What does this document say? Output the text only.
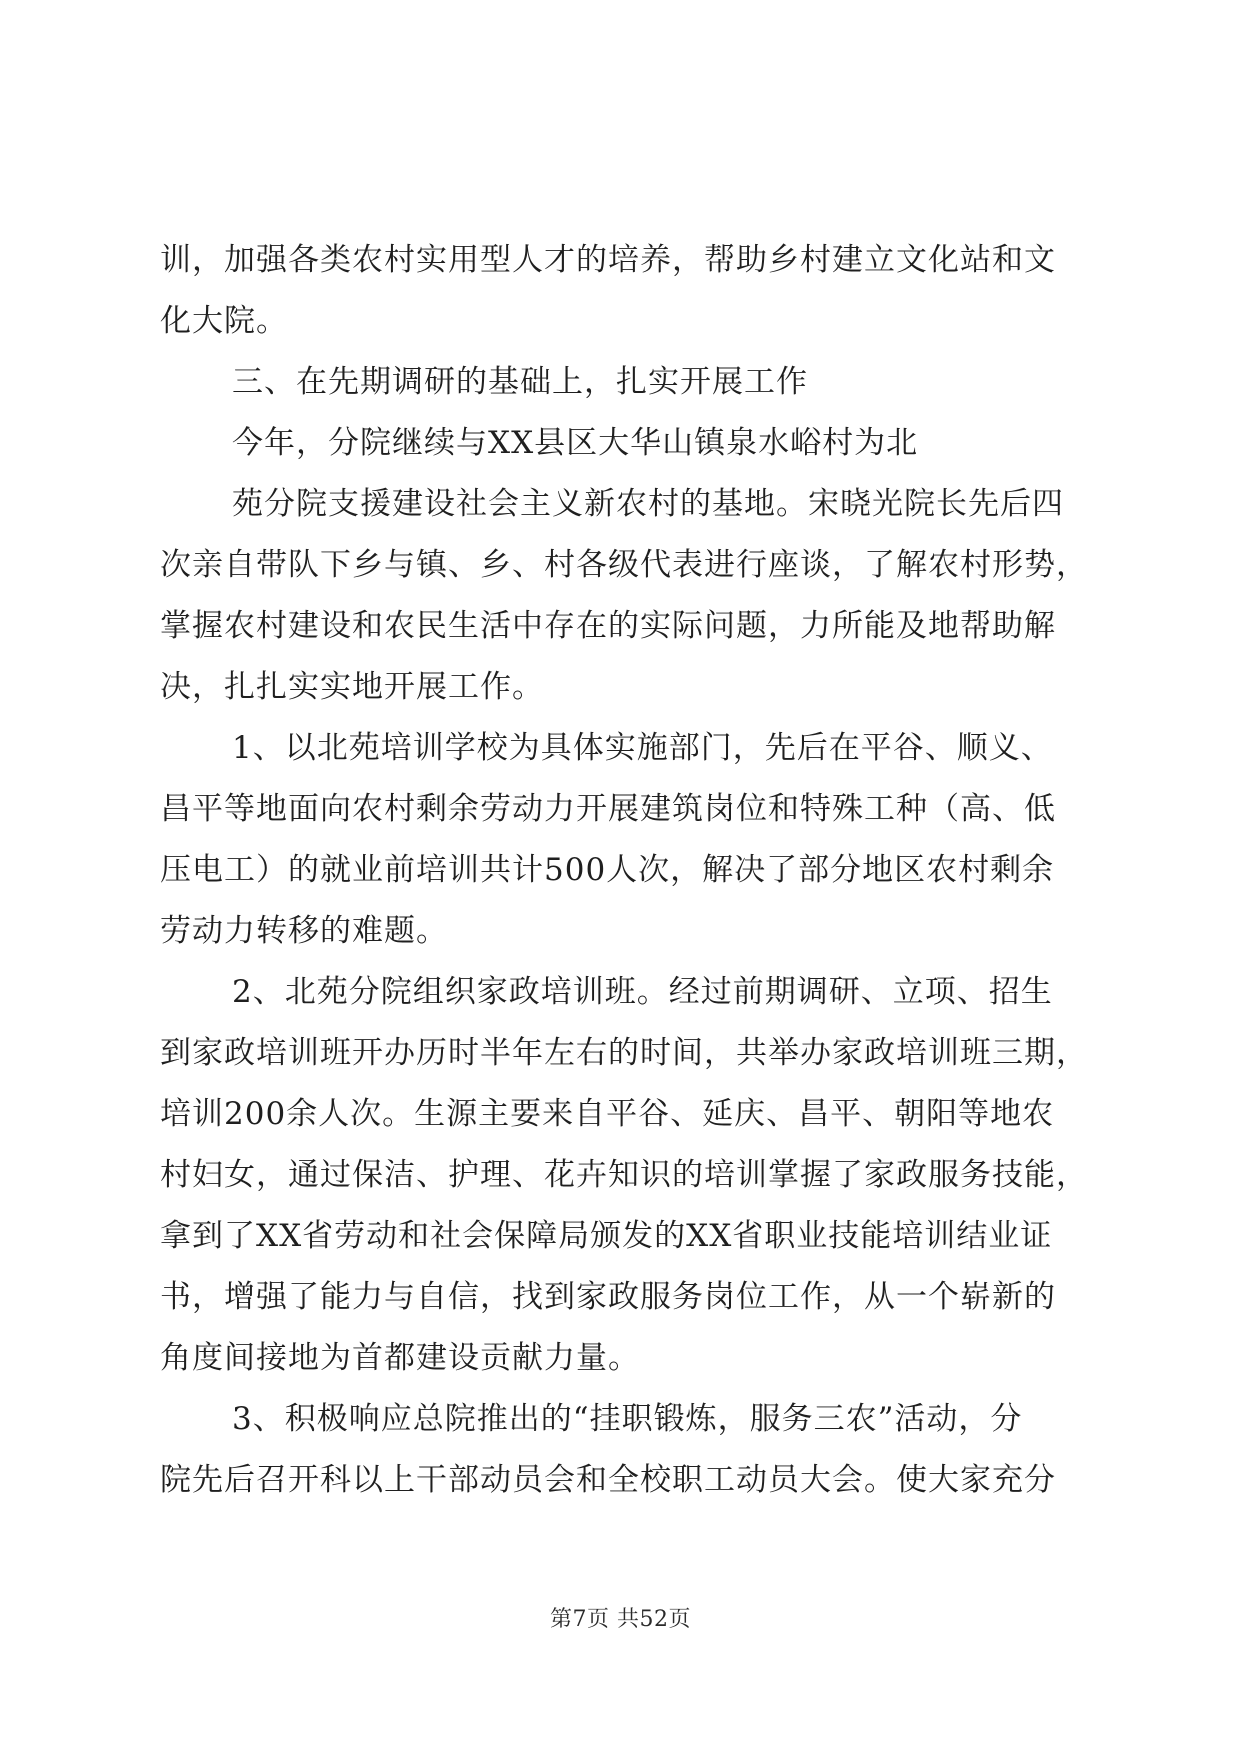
训，加强各类农村实用型人才的培养，帮助乡村建立文化站和文

化大院。

三、在先期调研的基础上，扎实开展工作

今年，分院继续与XX县区大华山镇泉水峪村为北

苑分院支援建设社会主义新农村的基地。宋晓光院长先后四

次亲自带队下乡与镇、乡、村各级代表进行座谈，了解农村形势，

掌握农村建设和农民生活中存在的实际问题，力所能及地帮助解

决，扎扎实实地开展工作。

1、以北苑培训学校为具体实施部门，先后在平谷、顺义、

昌平等地面向农村剩余劳动力开展建筑岗位和特殊工种（高、低

压电工）的就业前培训共计500人次，解决了部分地区农村剩余

劳动力转移的难题。

2、北苑分院组织家政培训班。经过前期调研、立项、招生

到家政培训班开办历时半年左右的时间，共举办家政培训班三期，

培训200余人次。生源主要来自平谷、延庆、昌平、朝阳等地农

村妇女，通过保洁、护理、花卉知识的培训掌握了家政服务技能，

拿到了XX省劳动和社会保障局颁发的XX省职业技能培训结业证

书，增强了能力与自信，找到家政服务岗位工作，从一个崭新的

角度间接地为首都建设贡献力量。

3、积极响应总院推出的“挂职锻炼，服务三农”活动，分

院先后召开科以上干部动员会和全校职工动员大会。使大家充分

第7页 共52页
